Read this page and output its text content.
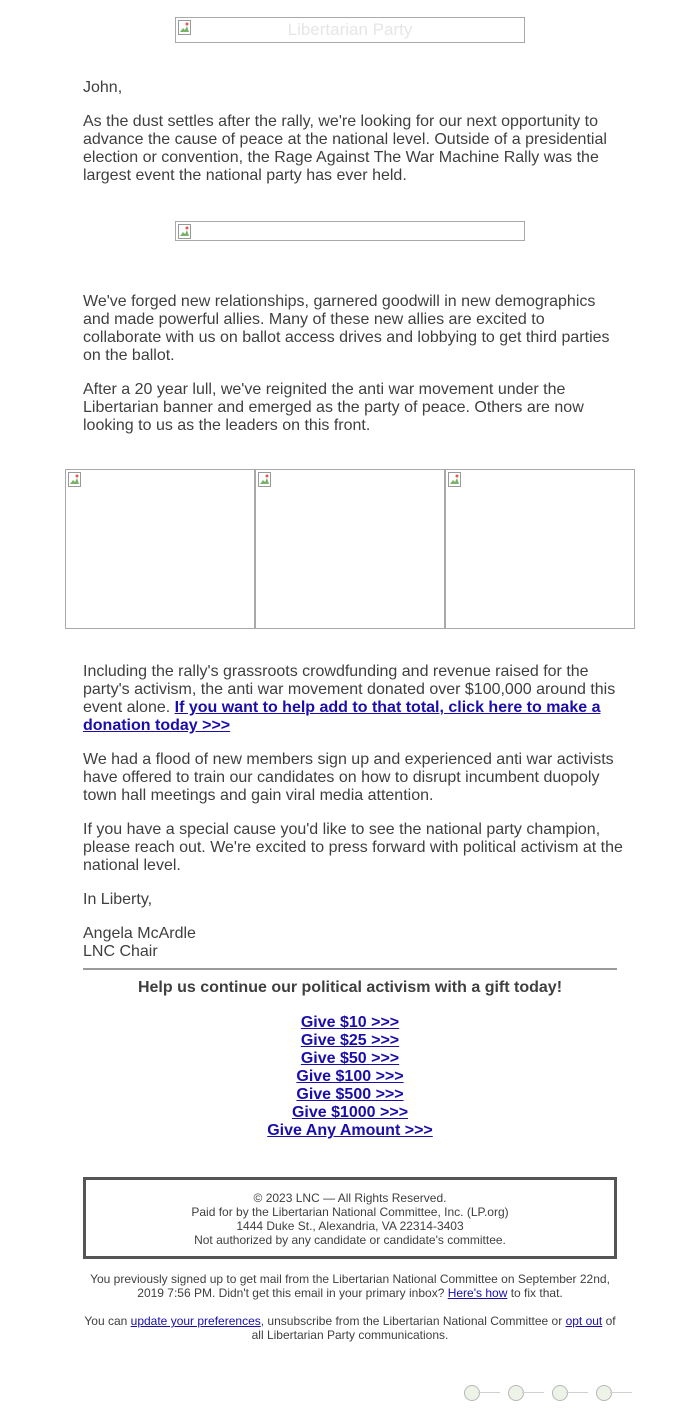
Libertarian Party

John,

As the dust settles after the rally, we're looking for our next opportunity to advance the cause of peace at the national level. Outside of a presidential election or convention, the Rage Against The War Machine Rally was the largest event the national party has ever held.

We've forged new relationships, garnered goodwill in new demographics and made powerful allies. Many of these new allies are excited to collaborate with us on ballot access drives and lobbying to get third parties on the ballot.

After a 20 year lull, we've reignited the anti war movement under the Libertarian banner and emerged as the party of peace. Others are now looking to us as the leaders on this front.

Including the rally's grassroots crowdfunding and revenue raised for the party's activism, the anti war movement donated over $100,000 around this event alone. If you want to help add to that total, click here to make a donation today >>>

We had a flood of new members sign up and experienced anti war activists have offered to train our candidates on how to disrupt incumbent duopoly town hall meetings and gain viral media attention.

If you have a special cause you'd like to see the national party champion, please reach out. We're excited to press forward with political activism at the national level.

In Liberty,

Angela McArdle

LNC Chair

Help us continue our political activism with a gift today!
Give $10 >>>
Give $25 >>>
Give $50 >>>
Give $100 >>>
Give $500 >>>
Give $1000 >>>
Give Any Amount >>>
© 2023 LNC — All Rights Reserved.
Paid for by the Libertarian National Committee, Inc. (LP.org)
1444 Duke St., Alexandria, VA 22314-3403
Not authorized by any candidate or candidate's committee.
You previously signed up to get mail from the Libertarian National Committee on September 22nd, 2019 7:56 PM. Didn't get this email in your primary inbox? Here's how to fix that.
You can update your preferences, unsubscribe from the Libertarian National Committee or opt out of all Libertarian Party communications.
